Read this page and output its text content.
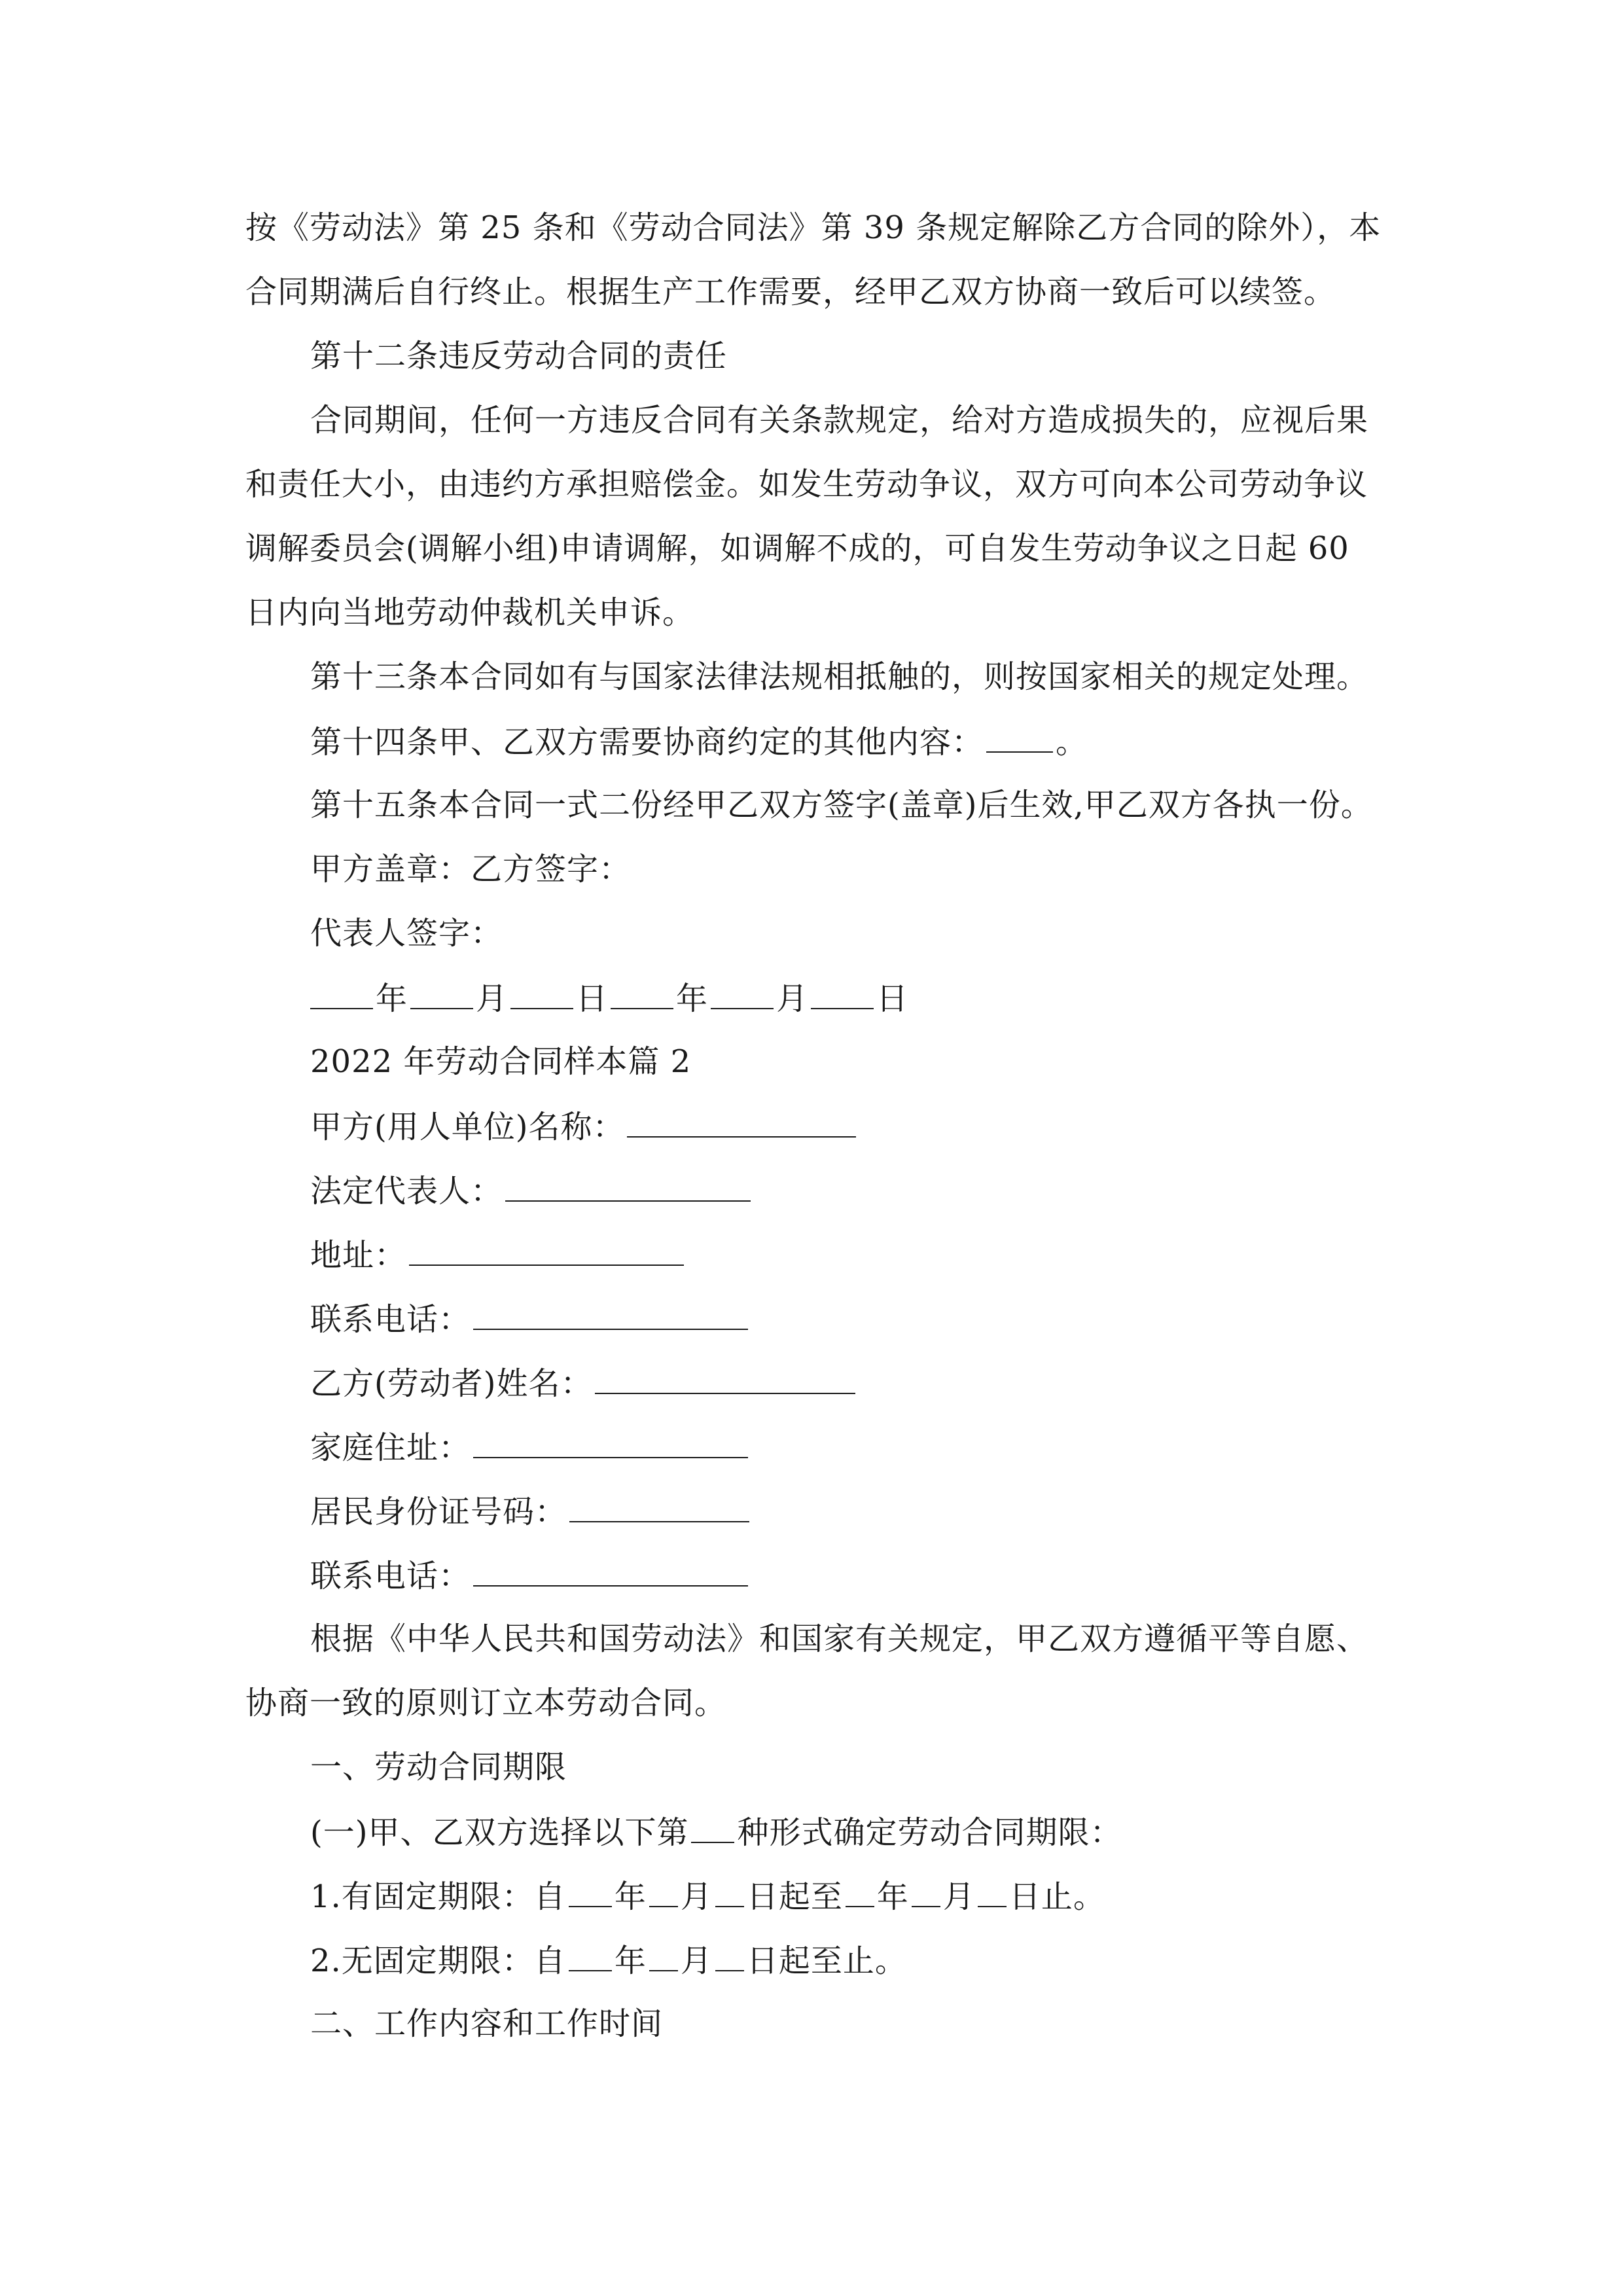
按《劳动法》第 25 条和《劳动合同法》第 39 条规定解除乙方合同的除外），本
合同期满后自行终止。根据生产工作需要，经甲乙双方协商一致后可以续签。
第十二条违反劳动合同的责任
合同期间，任何一方违反合同有关条款规定，给对方造成损失的，应视后果
和责任大小，由违约方承担赔偿金。如发生劳动争议，双方可向本公司劳动争议
调解委员会(调解小组)申请调解，如调解不成的，可自发生劳动争议之日起 60
日内向当地劳动仲裁机关申诉。
第十三条本合同如有与国家法律法规相抵触的，则按国家相关的规定处理。
第十四条甲、乙双方需要协商约定的其他内容： 。
第十五条本合同一式二份经甲乙双方签字(盖章)后生效,甲乙双方各执一份。
甲方盖章：乙方签字：
代表人签字：
年 月 日 年 月 日
2022 年劳动合同样本篇 2
甲方(用人单位)名称：
法定代表人：
地址：
联系电话：
乙方(劳动者)姓名：
家庭住址：
居民身份证号码：
联系电话：
根据《中华人民共和国劳动法》和国家有关规定，甲乙双方遵循平等自愿、
协商一致的原则订立本劳动合同。
一、劳动合同期限
(一)甲、乙双方选择以下第 种形式确定劳动合同期限：
1.有固定期限：自 年 月 日起至 年 月 日止。
2.无固定期限：自 年 月 日起至止。
二、工作内容和工作时间
